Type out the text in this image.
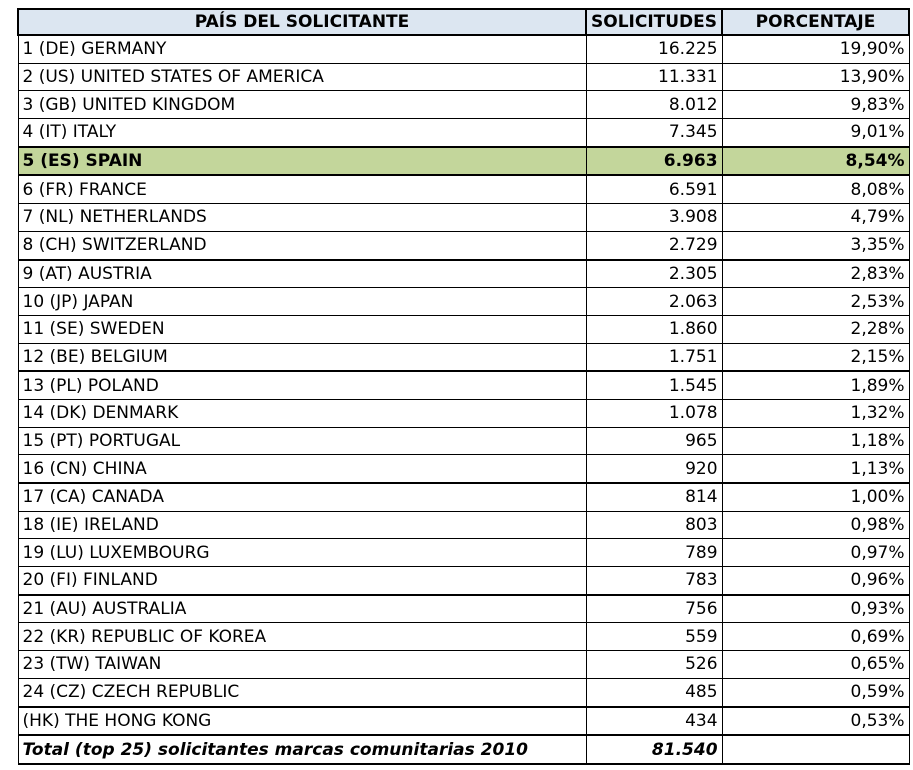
PAÍS DEL SOLICITANTE	SOLICITUDES	PORCENTAJE
1 (DE) GERMANY	16.225	19,90%
2 (US) UNITED STATES OF AMERICA	11.331	13,90%
3 (GB) UNITED KINGDOM	8.012	9,83%
4 (IT) ITALY	7.345	9,01%
5 (ES) SPAIN	6.963	8,54%
6 (FR) FRANCE	6.591	8,08%
7 (NL) NETHERLANDS	3.908	4,79%
8 (CH) SWITZERLAND	2.729	3,35%
9 (AT) AUSTRIA	2.305	2,83%
10 (JP) JAPAN	2.063	2,53%
11 (SE) SWEDEN	1.860	2,28%
12 (BE) BELGIUM	1.751	2,15%
13 (PL) POLAND	1.545	1,89%
14 (DK) DENMARK	1.078	1,32%
15 (PT) PORTUGAL	965	1,18%
16 (CN) CHINA	920	1,13%
17 (CA) CANADA	814	1,00%
18 (IE) IRELAND	803	0,98%
19 (LU) LUXEMBOURG	789	0,97%
20 (FI) FINLAND	783	0,96%
21 (AU) AUSTRALIA	756	0,93%
22 (KR) REPUBLIC OF KOREA	559	0,69%
23 (TW) TAIWAN	526	0,65%
24 (CZ) CZECH REPUBLIC	485	0,59%
(HK) THE HONG KONG	434	0,53%
Total (top 25) solicitantes marcas comunitarias 2010	81.540	
